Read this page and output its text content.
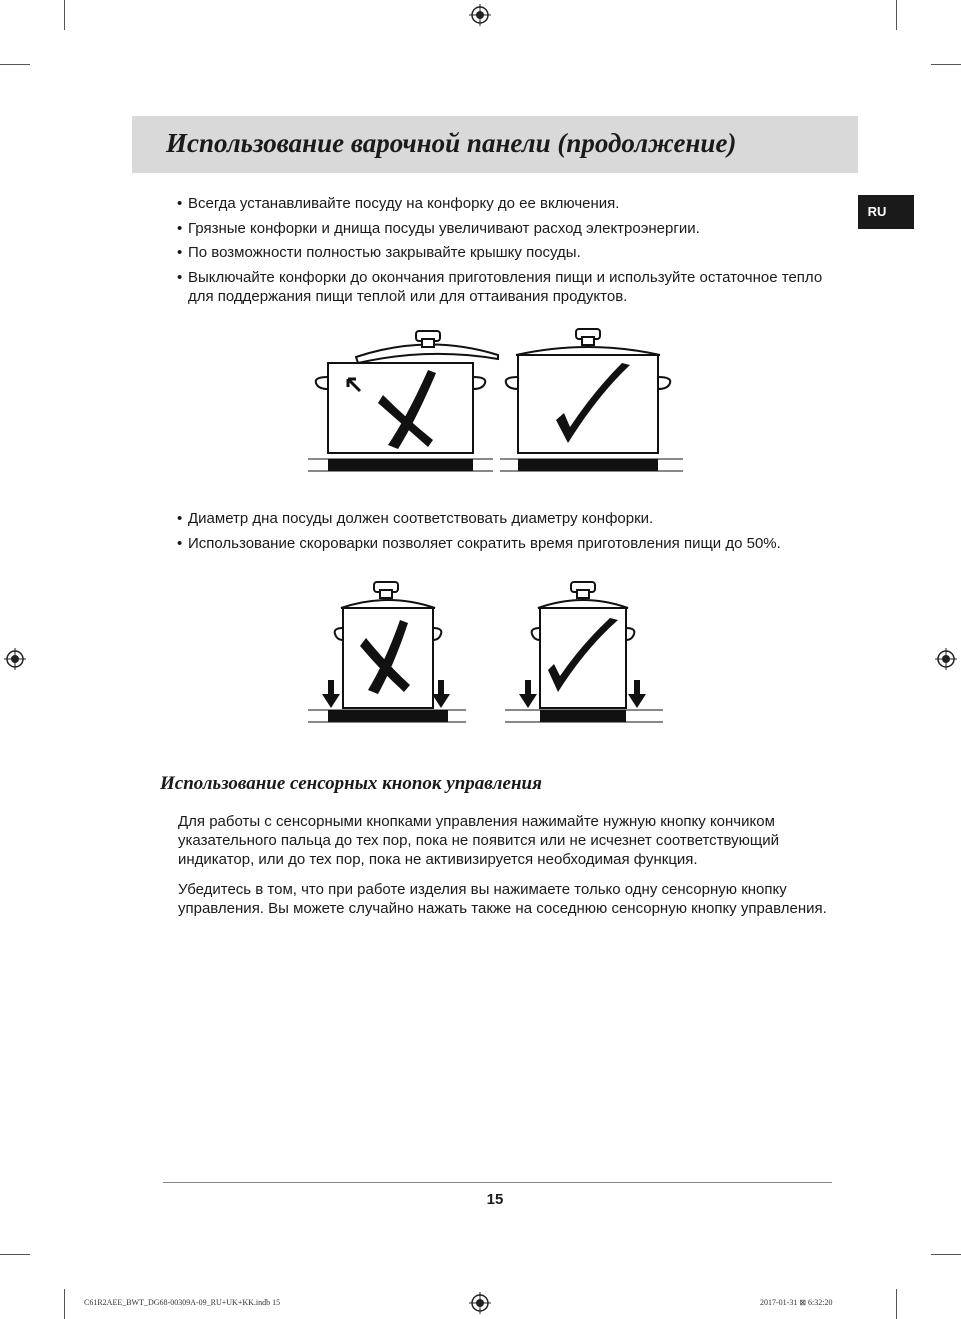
Использование варочной панели (продолжение)
RU
• Всегда устанавливайте посуду на конфорку до ее включения.
• Грязные конфорки и днища посуды увеличивают расход электроэнергии.
• По возможности полностью закрывайте крышку посуды.
• Выключайте конфорки до окончания приготовления пищи и используйте остаточное тепло для поддержания пищи теплой или для оттаивания продуктов.
• Диаметр дна посуды должен соответствовать диаметру конфорки.
• Использование скороварки позволяет сократить время приготовления пищи до 50%.
Использование сенсорных кнопок управления

Для работы с сенсорными кнопками управления нажимайте нужную кнопку кончиком указательного пальца до тех пор, пока не появится или не исчезнет соответствующий индикатор, или до тех пор, пока не активизируется необходимая функция.

Убедитесь в том, что при работе изделия вы нажимаете только одну сенсорную кнопку управления. Вы можете случайно нажать также на соседнюю сенсорную кнопку управления.

15
C61R2AEE_BWT_DG68-00309A-09_RU+UK+KK.indb 15	2017-01-31 ⊠ 6:32:20
